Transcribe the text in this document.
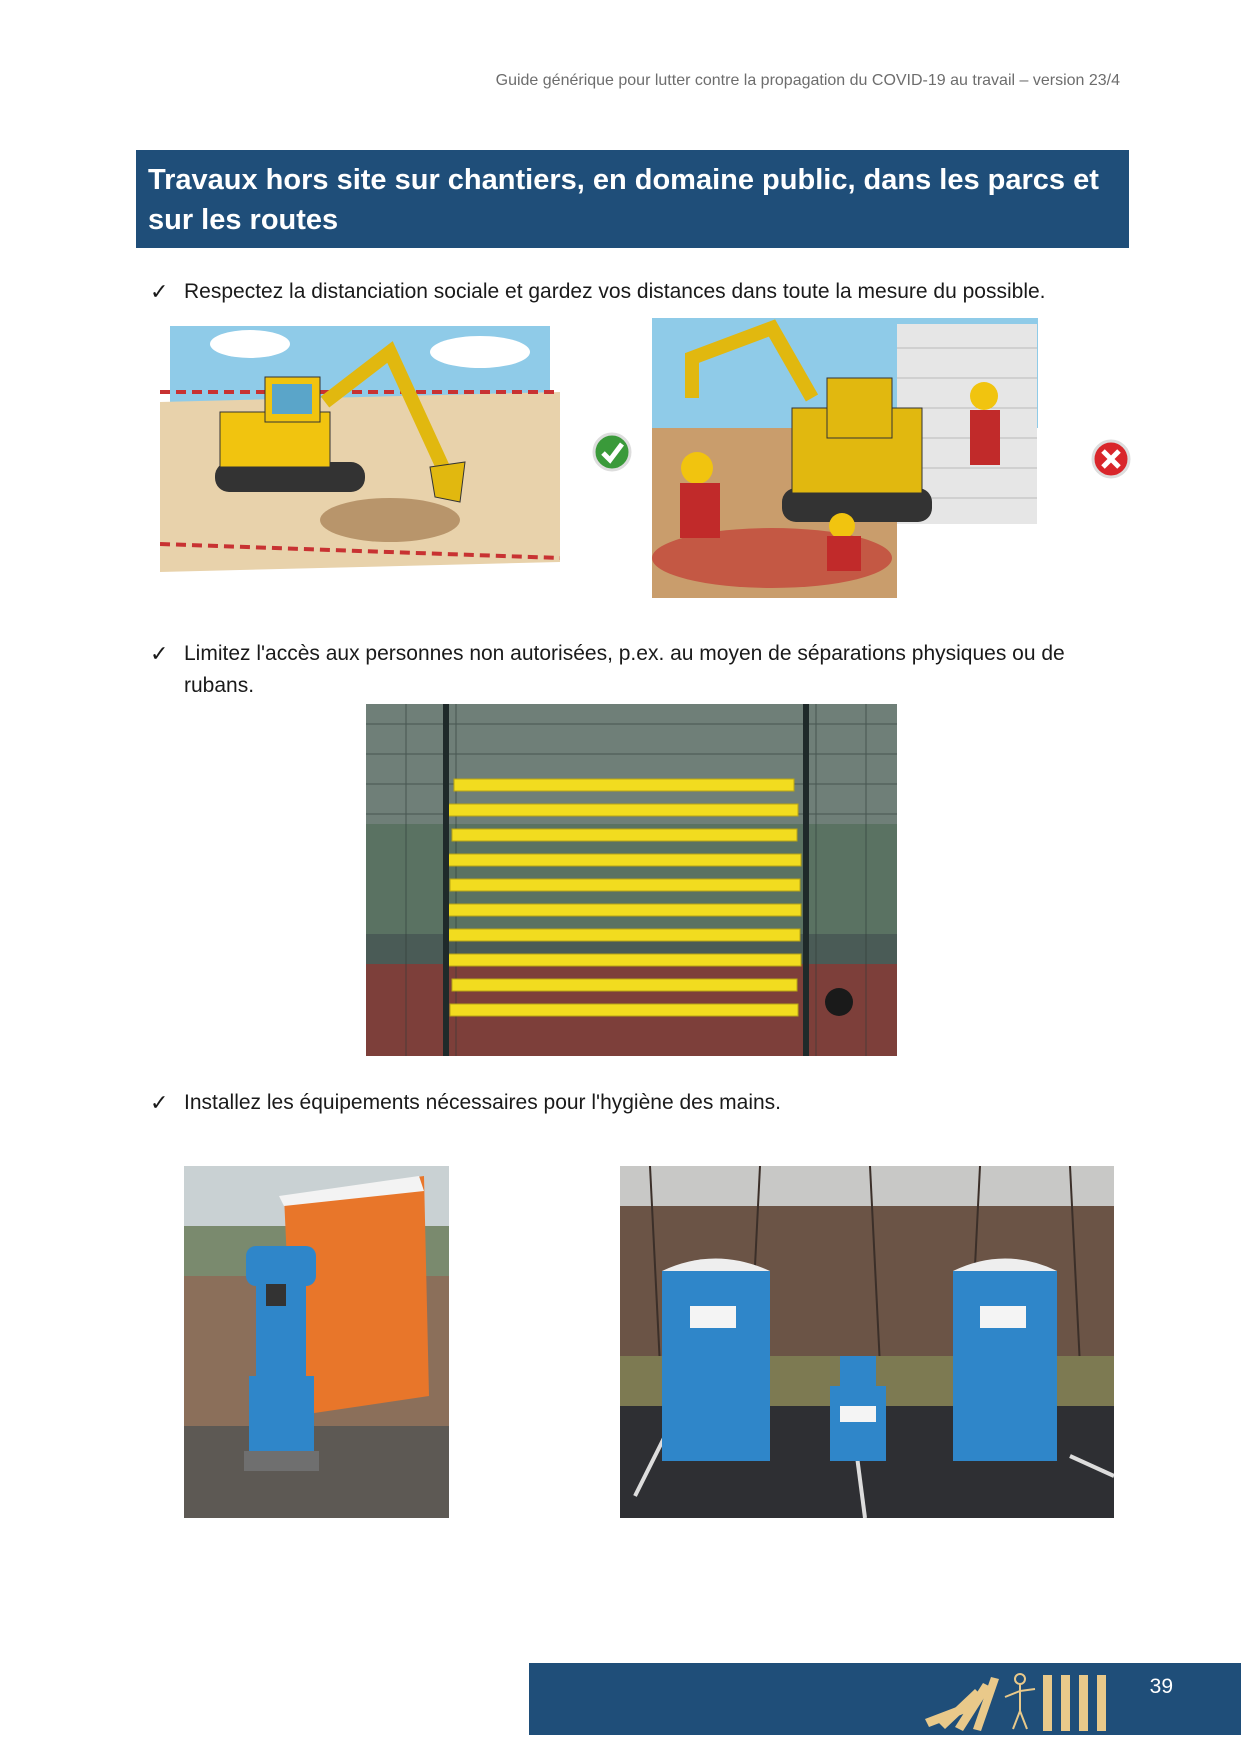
Guide générique pour lutter contre la propagation du COVID-19 au travail – version 23/4
Travaux hors site sur chantiers, en domaine public, dans les parcs et sur les routes
✓ Respectez la distanciation sociale et gardez vos distances dans toute la mesure du possible.
✓ Limitez l'accès aux personnes non autorisées, p.ex. au moyen de séparations physiques ou de rubans.
✓ Installez les équipements nécessaires pour l'hygiène des mains.
39
